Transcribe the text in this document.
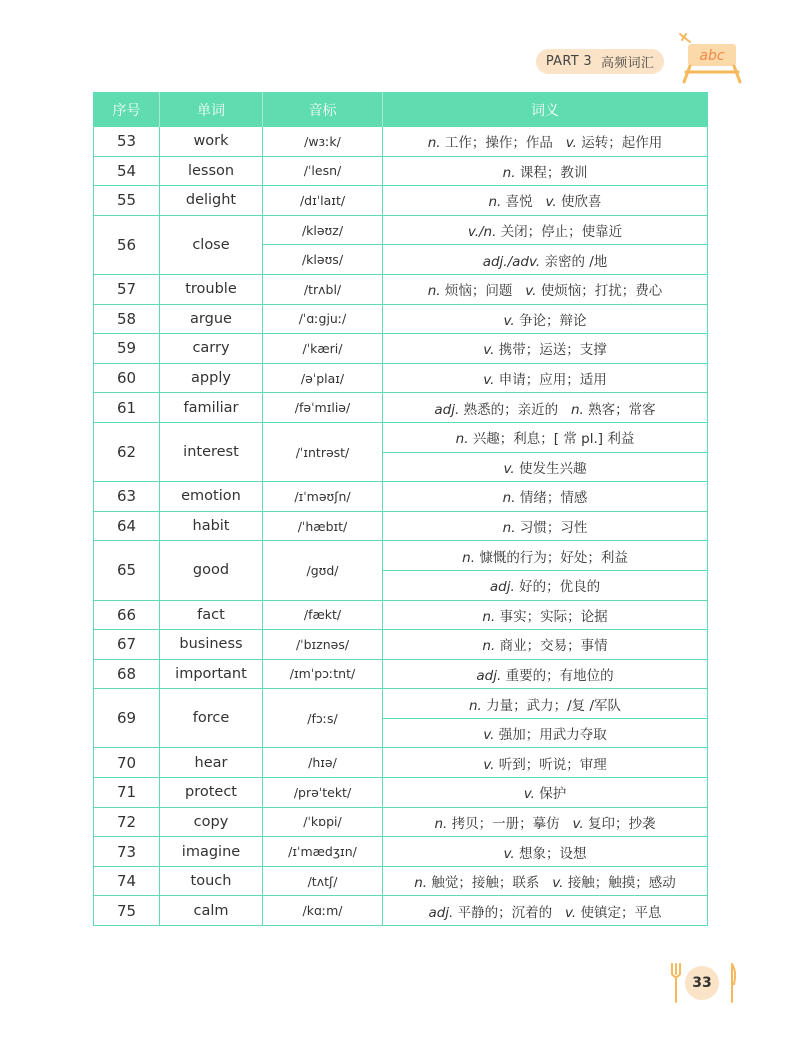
PART 3 高频词汇	abc
序号	单词	音标	词义
53	work	/wɜːk/	n. 工作；操作；作品 v. 运转；起作用
54	lesson	/ˈlesn/	n. 课程；教训
55	delight	/dɪˈlaɪt/	n. 喜悦 v. 使欣喜
56	close	/kləʊz/	v./n. 关闭；停止；使靠近
		/kləʊs/	adj./adv. 亲密的 /地
57	trouble	/trʌbl/	n. 烦恼；问题 v. 使烦恼；打扰；费心
58	argue	/ˈɑːgjuː/	v. 争论；辩论
59	carry	/ˈkæri/	v. 携带；运送；支撑
60	apply	/əˈplaɪ/	v. 申请；应用；适用
61	familiar	/fəˈmɪliə/	adj. 熟悉的；亲近的 n. 熟客；常客
62	interest	/ˈɪntrəst/	n. 兴趣；利息；[ 常 pl.] 利益
			v. 使发生兴趣
63	emotion	/ɪˈməʊʃn/	n. 情绪；情感
64	habit	/ˈhæbɪt/	n. 习惯；习性
65	good	/gʊd/	n. 慷慨的行为；好处；利益
			adj. 好的；优良的
66	fact	/fækt/	n. 事实；实际；论据
67	business	/ˈbɪznəs/	n. 商业；交易；事情
68	important	/ɪmˈpɔːtnt/	adj. 重要的；有地位的
69	force	/fɔːs/	n. 力量；武力；/复 /军队
			v. 强加；用武力夺取
70	hear	/hɪə/	v. 听到；听说；审理
71	protect	/prəˈtekt/	v. 保护
72	copy	/ˈkɒpi/	n. 拷贝；一册；摹仿 v. 复印；抄袭
73	imagine	/ɪˈmædʒɪn/	v. 想象；设想
74	touch	/tʌtʃ/	n. 触觉；接触；联系 v. 接触；触摸；感动
75	calm	/kɑːm/	adj. 平静的；沉着的 v. 使镇定；平息
33
